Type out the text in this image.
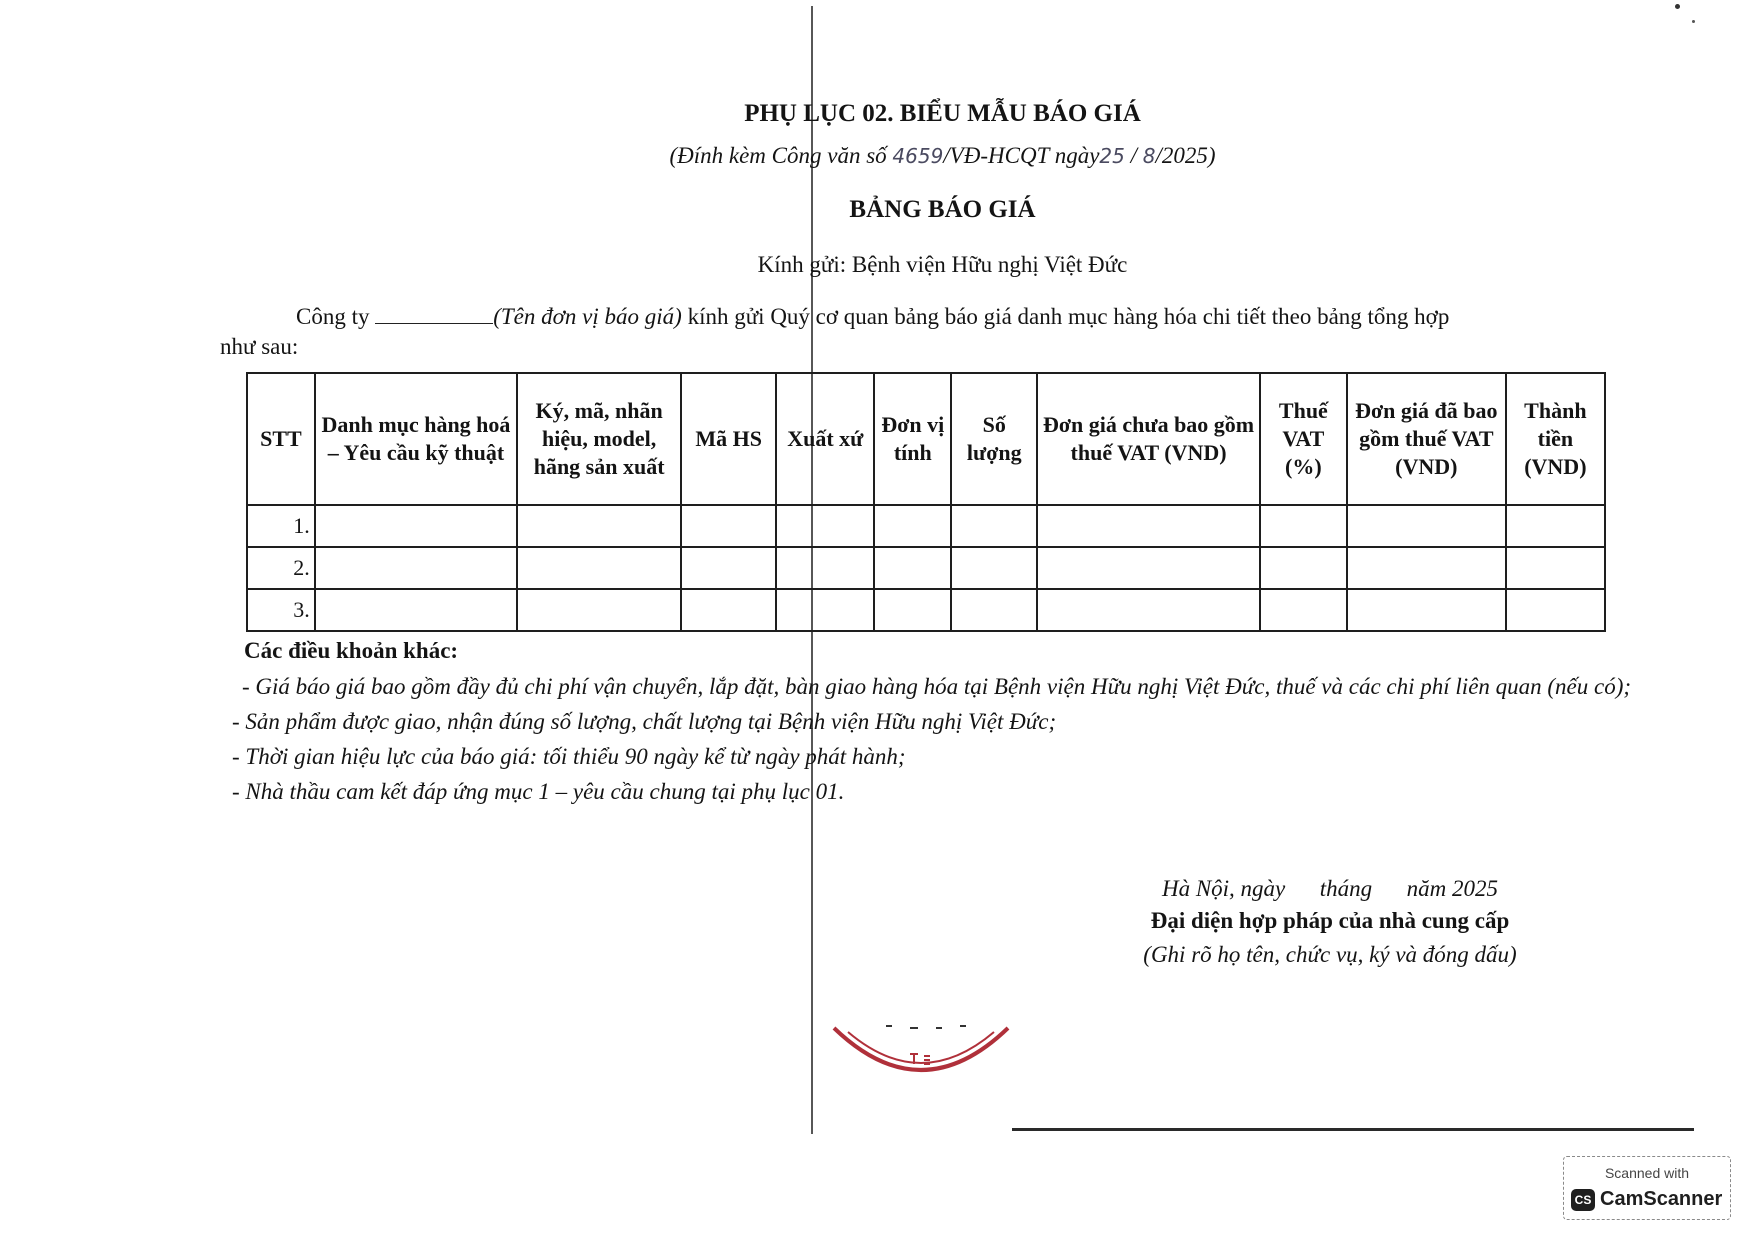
PHỤ LỤC 02. BIỂU MẪU BÁO GIÁ
(Đính kèm Công văn số 4659/VĐ-HCQT ngày25 / 8/2025)
BẢNG BÁO GIÁ
Kính gửi: Bệnh viện Hữu nghị Việt Đức
Công ty	(Tên đơn vị báo giá) kính gửi Quý cơ quan bảng báo giá danh mục hàng hóa chi tiết theo bảng tổng hợp
như sau:
STT	Danh mục hàng hoá – Yêu cầu kỹ thuật	Ký, mã, nhãn hiệu, model, hãng sản xuất	Mã HS	Xuất xứ	Đơn vị tính	Số lượng	Đơn giá chưa bao gồm thuế VAT (VND)	Thuế VAT (%)	Đơn giá đã bao gồm thuế VAT (VND)	Thành tiền (VND)
1.										
2.										
3.										
Các điều khoản khác:

- Giá báo giá bao gồm đầy đủ chi phí vận chuyển, lắp đặt, bàn giao hàng hóa tại Bệnh viện Hữu nghị Việt Đức, thuế và các chi phí liên quan (nếu có);

- Sản phẩm được giao, nhận đúng số lượng, chất lượng tại Bệnh viện Hữu nghị Việt Đức;

- Thời gian hiệu lực của báo giá: tối thiểu 90 ngày kể từ ngày phát hành;

- Nhà thầu cam kết đáp ứng mục 1 – yêu cầu chung tại phụ lục 01.

Hà Nội, ngày      tháng      năm 2025
Đại diện hợp pháp của nhà cung cấp
(Ghi rõ họ tên, chức vụ, ký và đóng dấu)
Scanned with
CS CamScanner
